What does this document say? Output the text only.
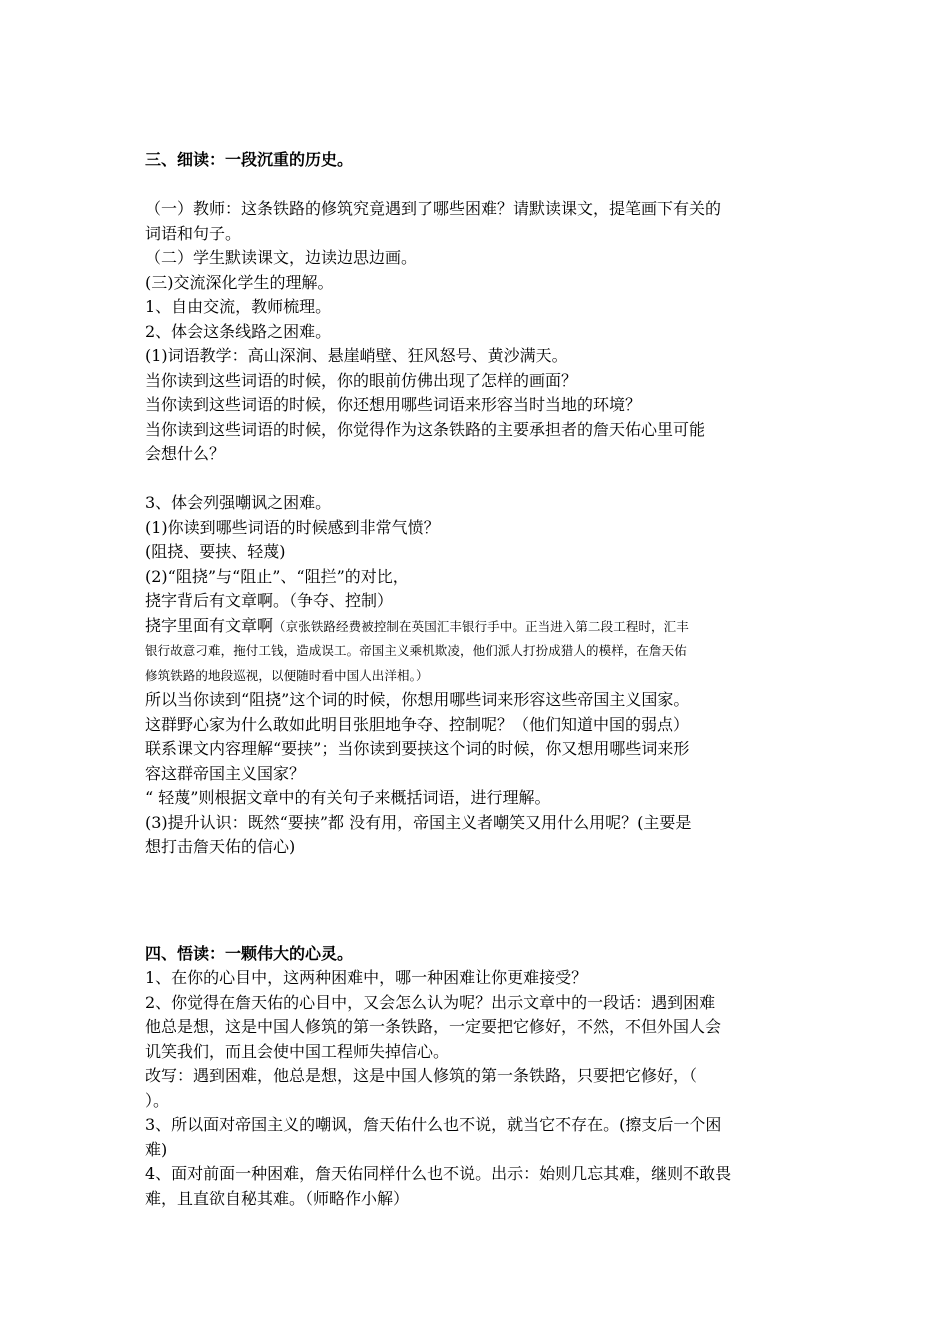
三、细读：一段沉重的历史。
（一）教师：这条铁路的修筑究竟遇到了哪些困难？请默读课文，提笔画下有关的
词语和句子。
（二）学生默读课文，边读边思边画。
(三)交流深化学生的理解。
1、自由交流，教师梳理。
2、体会这条线路之困难。
(1)词语教学：高山深涧、悬崖峭壁、狂风怒号、黄沙满天。
当你读到这些词语的时候，你的眼前仿佛出现了怎样的画面？
当你读到这些词语的时候，你还想用哪些词语来形容当时当地的环境？
当你读到这些词语的时候，你觉得作为这条铁路的主要承担者的詹天佑心里可能
会想什么？
3、体会列强嘲讽之困难。
(1)你读到哪些词语的时候感到非常气愤？
(阻挠、要挟、轻蔑)
(2)“阻挠”与“阻止”、“阻拦”的对比，
挠字背后有文章啊。（争夺、控制）
挠字里面有文章啊（京张铁路经费被控制在英国汇丰银行手中。正当进入第二段工程时，汇丰
银行故意刁难，拖付工钱，造成误工。帝国主义乘机欺凌，他们派人打扮成猎人的模样，在詹天佑
修筑铁路的地段巡视，以便随时看中国人出洋相。）
所以当你读到“阻挠”这个词的时候，你想用哪些词来形容这些帝国主义国家。
这群野心家为什么敢如此明目张胆地争夺、控制呢？（他们知道中国的弱点）
联系课文内容理解“要挟”；当你读到要挟这个词的时候，你又想用哪些词来形
容这群帝国主义国家？
“ 轻蔑”则根据文章中的有关句子来概括词语，进行理解。
(3)提升认识：既然“要挟”都 没有用，帝国主义者嘲笑又用什么用呢？(主要是
想打击詹天佑的信心)
四、悟读：一颗伟大的心灵。
1、在你的心目中，这两种困难中，哪一种困难让你更难接受？
2、你觉得在詹天佑的心目中，又会怎么认为呢？出示文章中的一段话：遇到困难
他总是想，这是中国人修筑的第一条铁路，一定要把它修好，不然，不但外国人会
讥笑我们，而且会使中国工程师失掉信心。
改写：遇到困难，他总是想，这是中国人修筑的第一条铁路，只要把它修好，（
）。
3、所以面对帝国主义的嘲讽，詹天佑什么也不说，就当它不存在。(擦支后一个困
难)
4、面对前面一种困难，詹天佑同样什么也不说。出示：始则几忘其难，继则不敢畏
难，且直欲自秘其难。（师略作小解）
